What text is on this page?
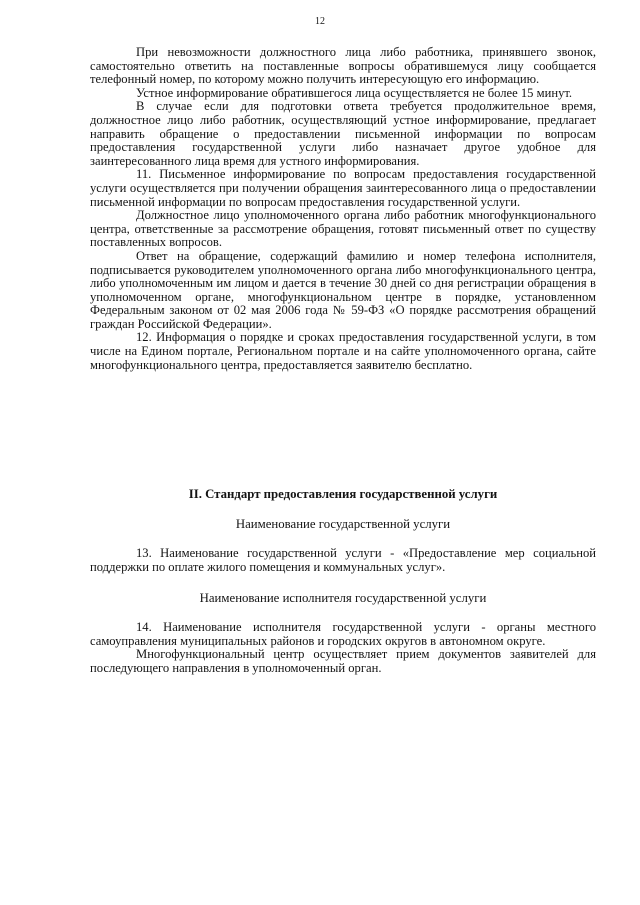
12

При невозможности должностного лица либо работника, принявшего звонок, самостоятельно ответить на поставленные вопросы обратившемуся лицу сообщается телефонный номер, по которому можно получить интересующую его информацию.

Устное информирование обратившегося лица осуществляется не более 15 минут.

В случае если для подготовки ответа требуется продолжительное время, должностное лицо либо работник, осуществляющий устное информирование, предлагает направить обращение о предоставлении письменной информации по вопросам предоставления государственной услуги либо назначает другое удобное для заинтересованного лица время для устного информирования.

11. Письменное информирование по вопросам предоставления государственной услуги осуществляется при получении обращения заинтересованного лица о предоставлении письменной информации по вопросам предоставления государственной услуги.

Должностное лицо уполномоченного органа либо работник многофункционального центра, ответственные за рассмотрение обращения, готовят письменный ответ по существу поставленных вопросов.

Ответ на обращение, содержащий фамилию и номер телефона исполнителя, подписывается руководителем уполномоченного органа либо многофункционального центра, либо уполномоченным им лицом и дается в течение 30 дней со дня регистрации обращения в уполномоченном органе, многофункциональном центре в порядке, установленном Федеральным законом от 02 мая 2006 года № 59-ФЗ «О порядке рассмотрения обращений граждан Российской Федерации».

12. Информация о порядке и сроках предоставления государственной услуги, в том числе на Едином портале, Региональном портале и на сайте уполномоченного органа, сайте многофункционального центра, предоставляется заявителю бесплатно.

II. Стандарт предоставления государственной услуги

Наименование государственной услуги

13. Наименование государственной услуги - «Предоставление мер социальной поддержки по оплате жилого помещения и коммунальных услуг».

Наименование исполнителя государственной услуги

14. Наименование исполнителя государственной услуги - органы местного самоуправления муниципальных районов и городских округов в автономном округе.

Многофункциональный центр осуществляет прием документов заявителей для последующего направления в уполномоченный орган.
